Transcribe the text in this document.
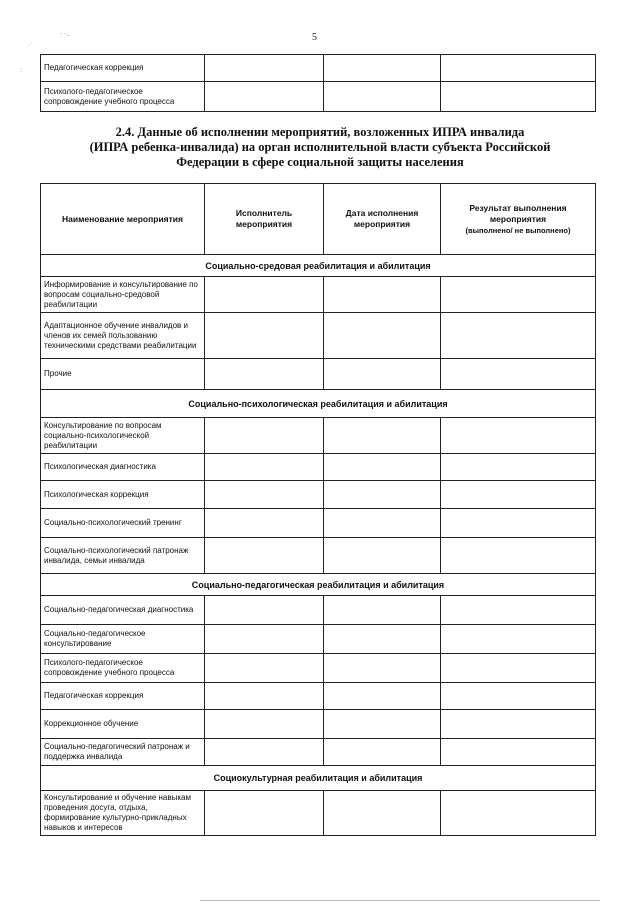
· ·..
.·
:
5
Педагогическая коррекция			
Психолого-педагогическое сопровождение учебного процесса			
2.4. Данные об исполнении мероприятий, возложенных ИПРА инвалида
(ИПРА ребенка-инвалида) на орган исполнительной власти субъекта Российской
Федерации в сфере социальной защиты населения
Наименование мероприятия	Исполнитель мероприятия	Дата исполнения мероприятия	Результат выполнения мероприятия
(выполнено/ не выполнено)

Социально-средовая реабилитация и абилитация			
Информирование и консультирование по вопросам социально-средовой реабилитации			
Адаптационное обучение инвалидов и членов их семей пользованию техническими средствами реабилитации			
Прочие			
Социально-психологическая реабилитация и абилитация			
Консультирование по вопросам социально-психологической реабилитации			
Психологическая диагностика			
Психологическая коррекция			
Социально-психологический тренинг			
Социально-психологический патронаж инвалида, семьи инвалида			
Социально-педагогическая реабилитация и абилитация			
Социально-педагогическая диагностика			
Социально-педагогическое консультирование			
Психолого-педагогическое сопровождение учебного процесса			
Педагогическая коррекция			
Коррекционное обучение			
Социально-педагогический патронаж и поддержка инвалида			
Социокультурная реабилитация и абилитация			
Консультирование и обучение навыкам проведения досуга, отдыха, формирование культурно-прикладных навыков и интересов			
